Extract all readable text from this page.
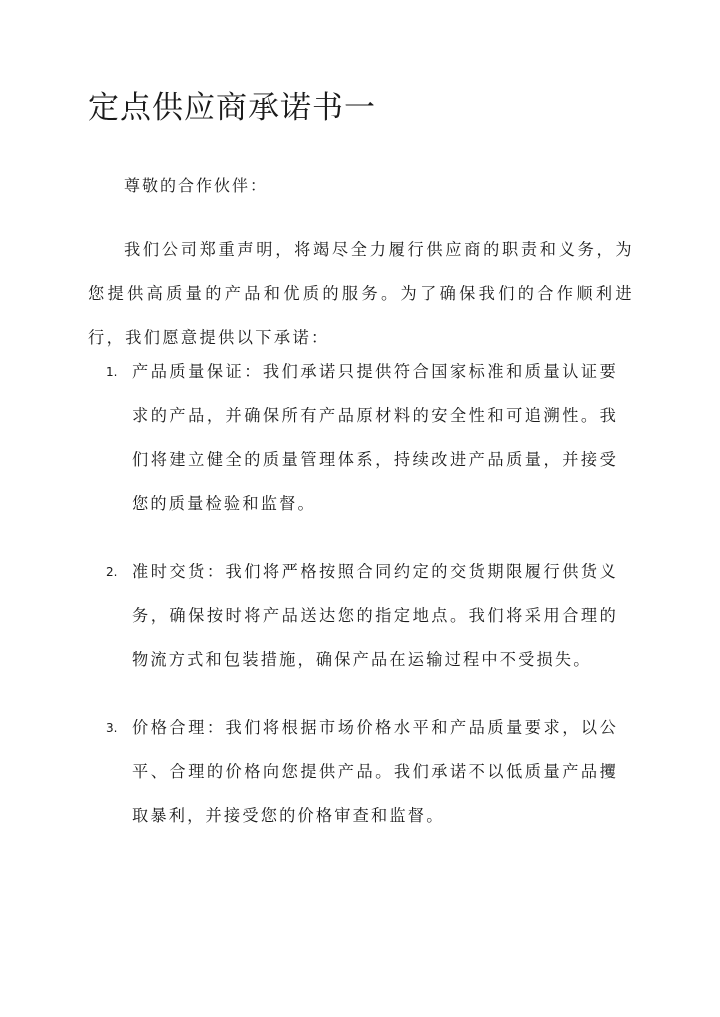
定点供应商承诺书一

尊敬的合作伙伴：

我们公司郑重声明，将竭尽全力履行供应商的职责和义务，为您提供高质量的产品和优质的服务。为了确保我们的合作顺利进行，我们愿意提供以下承诺：

1. 产品质量保证：我们承诺只提供符合国家标准和质量认证要求的产品，并确保所有产品原材料的安全性和可追溯性。我们将建立健全的质量管理体系，持续改进产品质量，并接受您的质量检验和监督。

2. 准时交货：我们将严格按照合同约定的交货期限履行供货义务，确保按时将产品送达您的指定地点。我们将采用合理的物流方式和包装措施，确保产品在运输过程中不受损失。

3. 价格合理：我们将根据市场价格水平和产品质量要求，以公平、合理的价格向您提供产品。我们承诺不以低质量产品攫取暴利，并接受您的价格审查和监督。
